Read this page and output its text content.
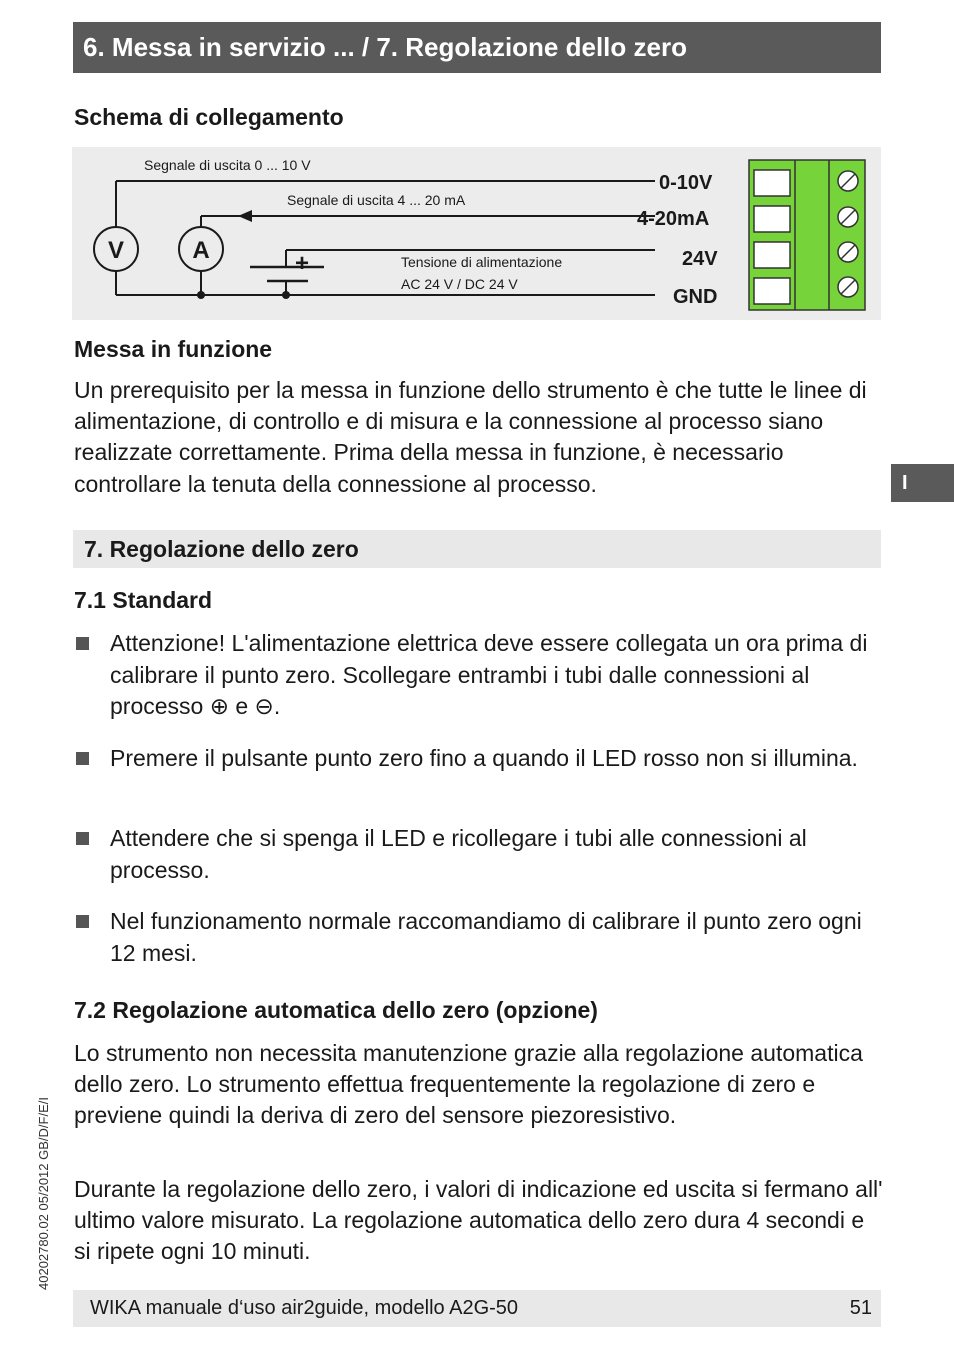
6. Messa in servizio ... / 7. Regolazione dello zero
Schema di collegamento
V	A	+
Segnale di uscita 0 ... 10 V
Segnale di uscita 4 ... 20 mA
Tensione di alimentazione
AC 24 V / DC 24 V
0-10V
4-20mA
24V
GND
Messa in funzione
Un prerequisito per la messa in funzione dello strumento è che tutte le linee di alimentazione, di controllo e di misura e la connessione al processo siano realizzate correttamente. Prima della messa in funzione, è necessario controllare la tenuta della connessione al processo.	I
7. Regolazione dello zero
7.1 Standard
Attenzione! L'alimentazione elettrica deve essere collegata un ora prima di calibrare il punto zero. Scollegare entrambi i tubi dalle connessioni al processo ⊕ e ⊖.
Premere il pulsante punto zero fino a quando il LED rosso non si illumina.
Attendere che si spenga il LED e ricollegare i tubi alle connessioni al processo.
Nel funzionamento normale raccomandiamo di calibrare il punto zero ogni 12 mesi.
7.2 Regolazione automatica dello zero (opzione)
Lo strumento non necessita manutenzione grazie alla regolazione automatica dello zero. Lo strumento effettua frequentemente la regolazione di zero e previene quindi la deriva di zero del sensore piezoresistivo.
Durante la regolazione dello zero, i valori di indicazione ed uscita si fermano all' ultimo valore misurato. La regolazione automatica dello zero dura 4 secondi e si ripete ogni 10 minuti.
40202780.02 05/2012 GB/D/F/E/I
WIKA manuale d‘uso air2guide, modello A2G-50	51
